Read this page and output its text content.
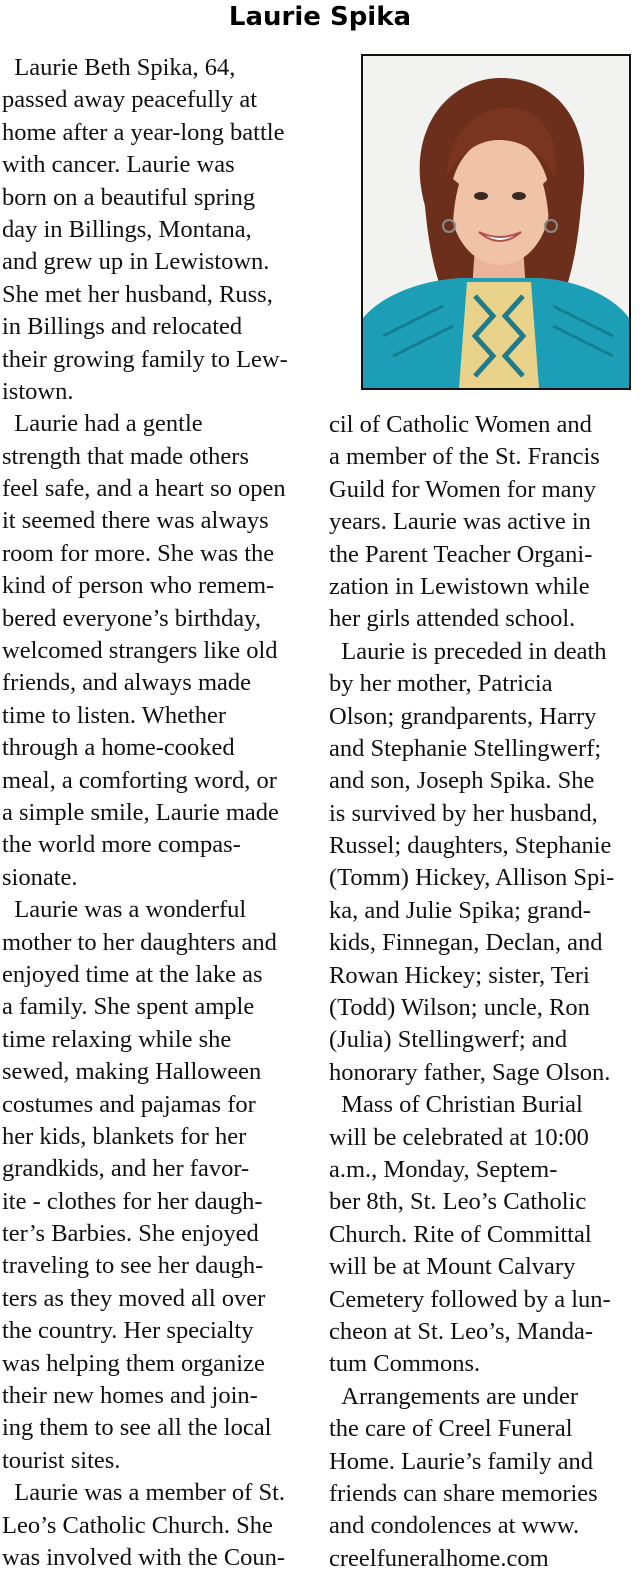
Laurie Spika
Laurie Beth Spika, 64,
passed away peacefully at
home after a year-long battle
with cancer. Laurie was
born on a beautiful spring
day in Billings, Montana,
and grew up in Lewistown.
She met her husband, Russ,
in Billings and relocated
their growing family to Lew-
istown.
Laurie had a gentle
strength that made others
feel safe, and a heart so open
it seemed there was always
room for more. She was the
kind of person who remem-
bered everyone’s birthday,
welcomed strangers like old
friends, and always made
time to listen. Whether
through a home-cooked
meal, a comforting word, or
a simple smile, Laurie made
the world more compas-
sionate.
Laurie was a wonderful
mother to her daughters and
enjoyed time at the lake as
a family. She spent ample
time relaxing while she
sewed, making Halloween
costumes and pajamas for
her kids, blankets for her
grandkids, and her favor-
ite - clothes for her daugh-
ter’s Barbies. She enjoyed
traveling to see her daugh-
ters as they moved all over
the country. Her specialty
was helping them organize
their new homes and join-
ing them to see all the local
tourist sites.
Laurie was a member of St.
Leo’s Catholic Church. She
was involved with the Coun-
cil of Catholic Women and
a member of the St. Francis
Guild for Women for many
years. Laurie was active in
the Parent Teacher Organi-
zation in Lewistown while
her girls attended school.
Laurie is preceded in death
by her mother, Patricia
Olson; grandparents, Harry
and Stephanie Stellingwerf;
and son, Joseph Spika. She
is survived by her husband,
Russel; daughters, Stephanie
(Tomm) Hickey, Allison Spi-
ka, and Julie Spika; grand-
kids, Finnegan, Declan, and
Rowan Hickey; sister, Teri
(Todd) Wilson; uncle, Ron
(Julia) Stellingwerf; and
honorary father, Sage Olson.
Mass of Christian Burial
will be celebrated at 10:00
a.m., Monday, Septem-
ber 8th, St. Leo’s Catholic
Church. Rite of Committal
will be at Mount Calvary
Cemetery followed by a lun-
cheon at St. Leo’s, Manda-
tum Commons.
Arrangements are under
the care of Creel Funeral
Home. Laurie’s family and
friends can share memories
and condolences at www.
creelfuneralhome.com
